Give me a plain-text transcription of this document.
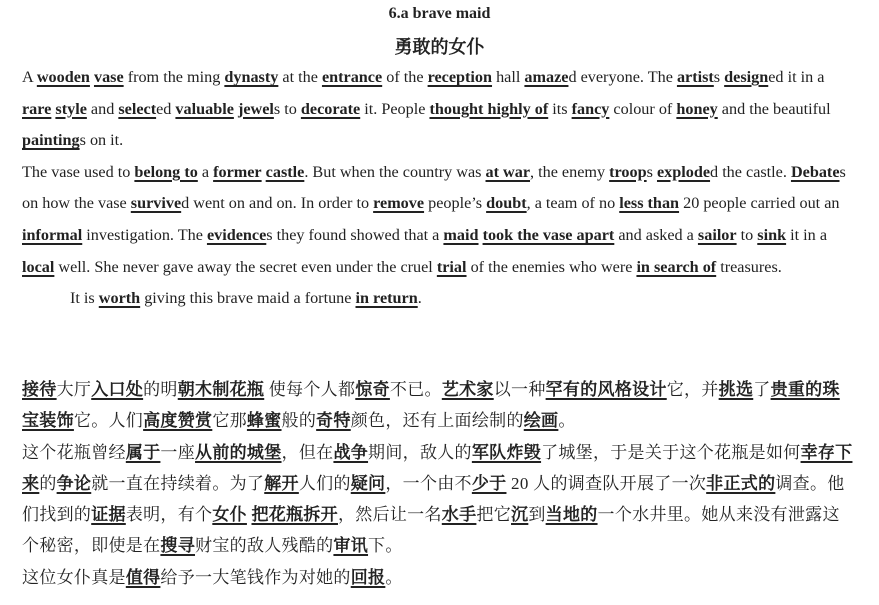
6.a brave maid
勇敢的女仆

A wooden vase from the ming dynasty at the entrance of the reception hall amazed everyone. The artists designed it in a rare style and selected valuable jewels to decorate it. People thought highly of its fancy colour of honey and the beautiful paintings on it.

The vase used to belong to a former castle. But when the country was at war, the enemy troops exploded the castle. Debates on how the vase survived went on and on. In order to remove people’s doubt, a team of no less than 20 people carried out an informal investigation. The evidences they found showed that a maid took the vase apart and asked a sailor to sink it in a local well. She never gave away the secret even under the cruel trial of the enemies who were in search of treasures.

It is worth giving this brave maid a fortune in return.

接待大厅入口处的明朝木制花瓶 使每个人都惊奇不已。艺术家以一种罕有的风格设计它，并挑选了贵重的珠宝装饰它。人们高度赞赏它那蜂蜜般的奇特颜色，还有上面绘制的绘画。

这个花瓶曾经属于一座从前的城堡，但在战争期间，敌人的军队炸毁了城堡，于是关于这个花瓶是如何幸存下来的争论就一直在持续着。为了解开人们的疑问，一个由不少于 20 人的调查队开展了一次非正式的调查。他们找到的证据表明，有个女仆 把花瓶拆开，然后让一名水手把它沉到当地的一个水井里。她从来没有泄露这个秘密，即使是在搜寻财宝的敌人残酷的审讯下。

这位女仆真是值得给予一大笔钱作为对她的回报。
